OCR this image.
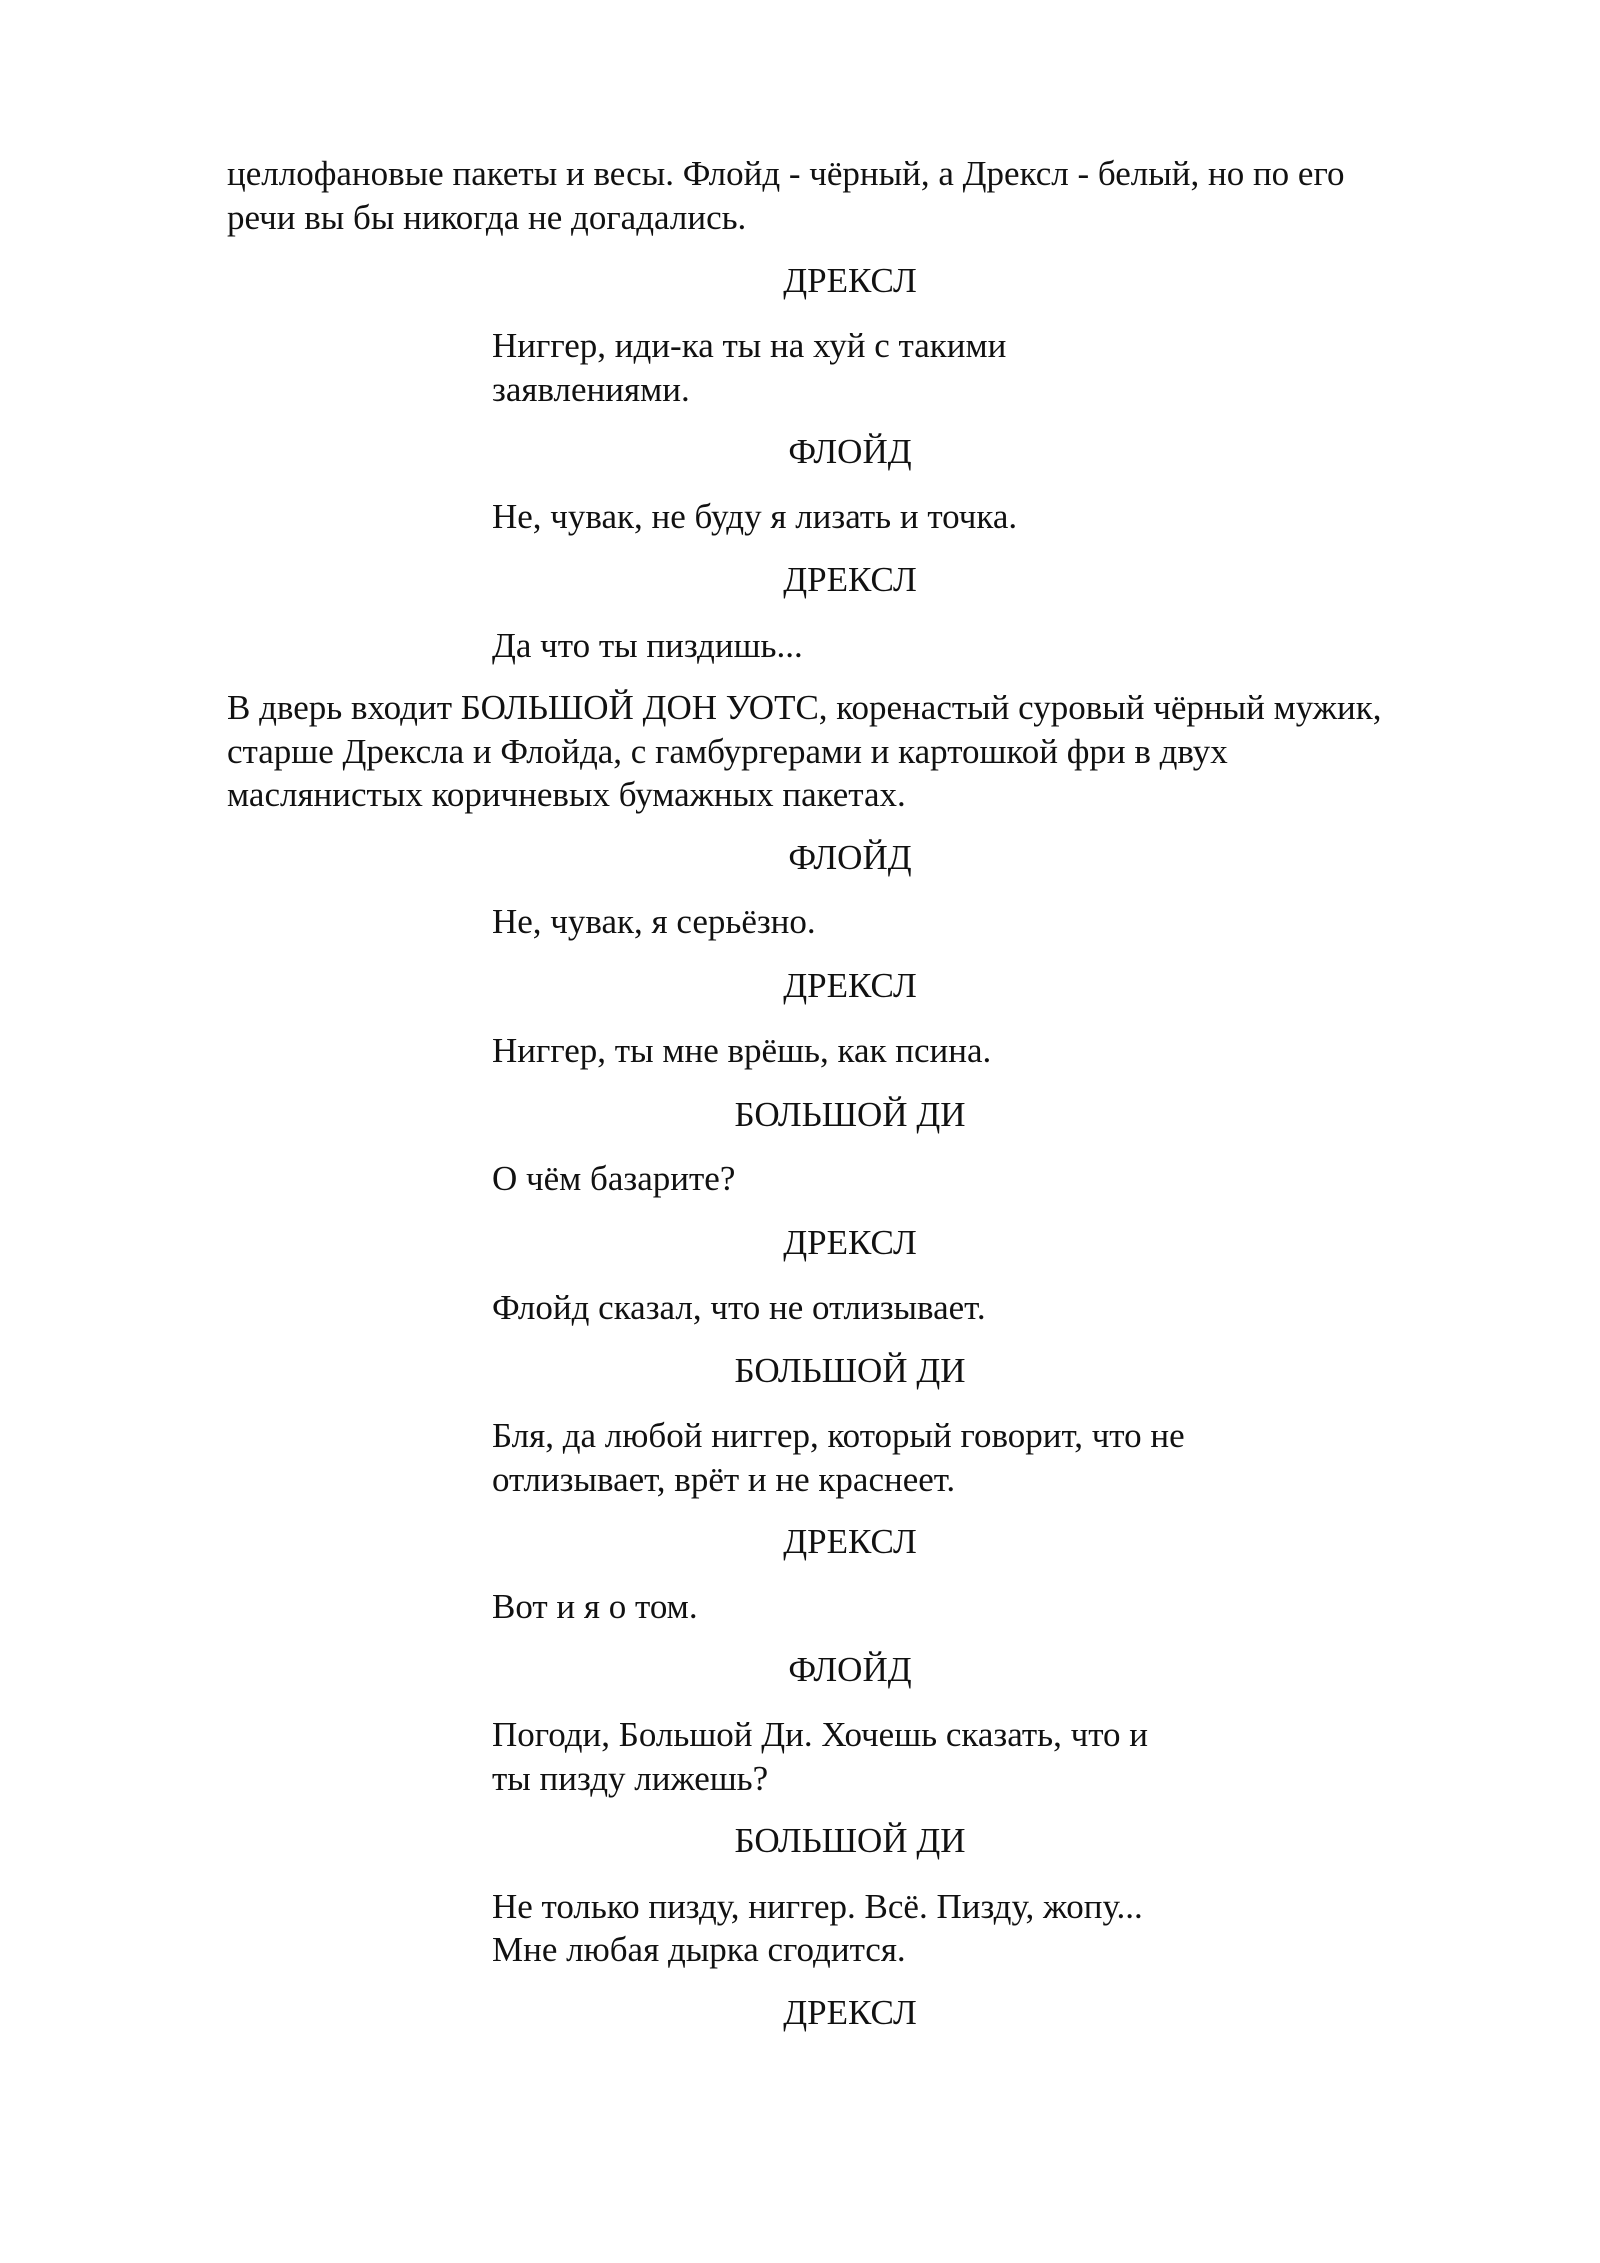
целлофановые пакеты и весы. Флойд - чёрный, а Дрексл - белый, но по его
речи вы бы никогда не догадались.
ДРЕКСЛ
Ниггер, иди-ка ты на хуй с такими
заявлениями.
ФЛОЙД
Не, чувак, не буду я лизать и точка.
ДРЕКСЛ
Да что ты пиздишь...
В дверь входит БОЛЬШОЙ ДОН УОТС, коренастый суровый чёрный мужик,
старше Дрексла и Флойда, с гамбургерами и картошкой фри в двух
маслянистых коричневых бумажных пакетах.
ФЛОЙД
Не, чувак, я серьёзно.
ДРЕКСЛ
Ниггер, ты мне врёшь, как псина.
БОЛЬШОЙ ДИ
О чём базарите?
ДРЕКСЛ
Флойд сказал, что не отлизывает.
БОЛЬШОЙ ДИ
Бля, да любой ниггер, который говорит, что не
отлизывает, врёт и не краснеет.
ДРЕКСЛ
Вот и я о том.
ФЛОЙД
Погоди, Большой Ди. Хочешь сказать, что и
ты пизду лижешь?
БОЛЬШОЙ ДИ
Не только пизду, ниггер. Всё. Пизду, жопу...
Мне любая дырка сгодится.
ДРЕКСЛ
